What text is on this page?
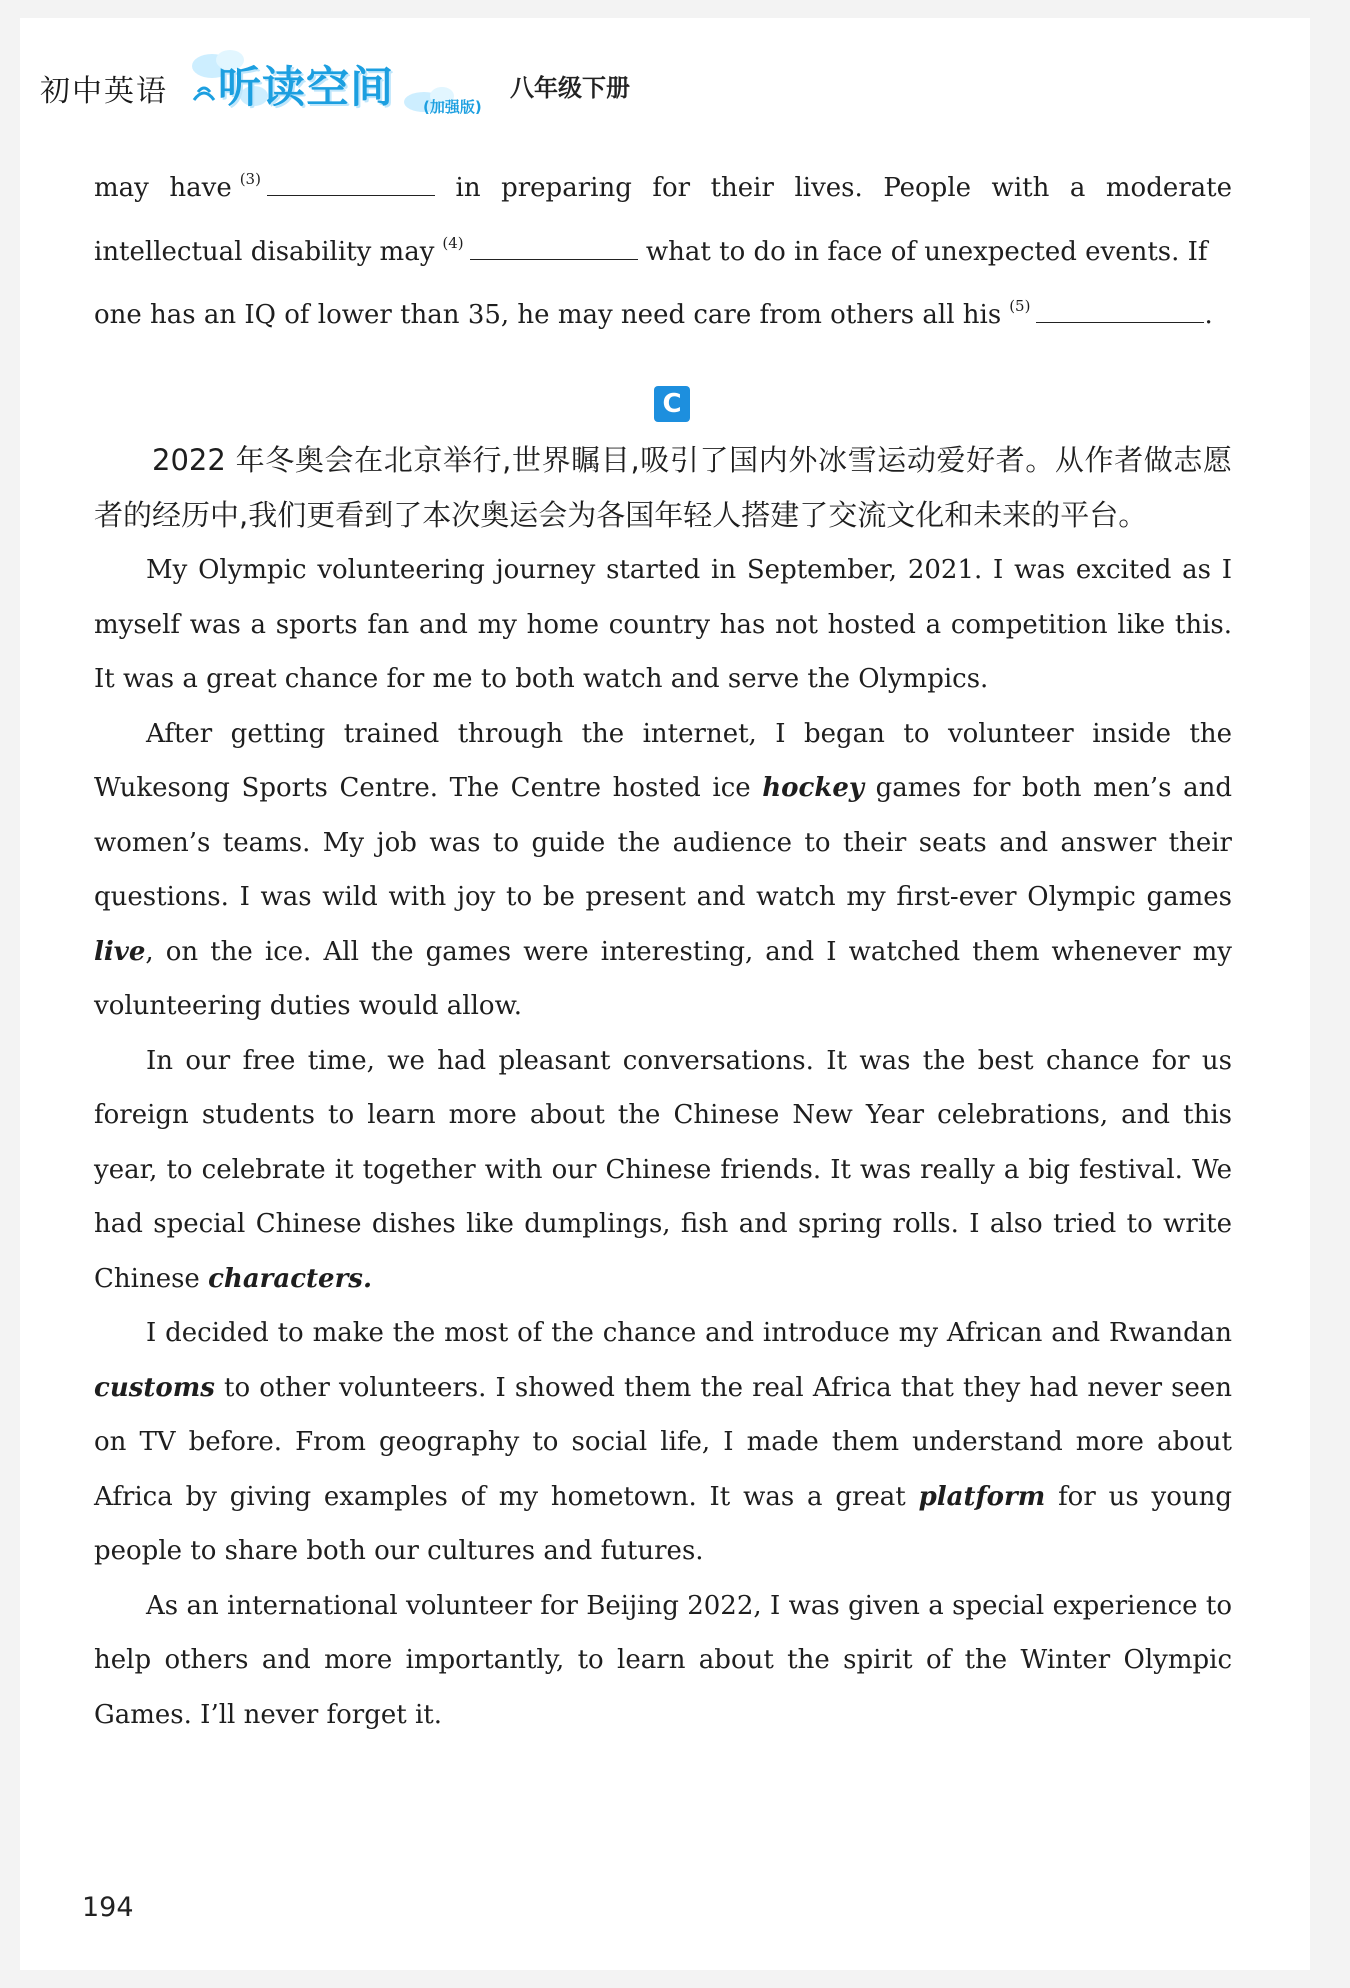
初中英语 听读空间 (加强版)
八年级下册

may have $^{(3)}$	in preparing for their lives. People with a moderate intellectual disability may $^{(4)}$	what to do in face of unexpected events. If

one has an IQ of lower than 35, he may need care from others all his $^{(5)}$	.

C

2022 年冬奥会在北京举行,世界瞩目,吸引了国内外冰雪运动爱好者。从作者做志愿者的经历中,我们更看到了本次奥运会为各国年轻人搭建了交流文化和未来的平台。

My Olympic volunteering journey started in September, 2021. I was excited as I myself was a sports fan and my home country has not hosted a competition like this. It was a great chance for me to both watch and serve the Olympics.

After getting trained through the internet, I began to volunteer inside the Wukesong Sports Centre. The Centre hosted ice hockey games for both men’s and women’s teams. My job was to guide the audience to their seats and answer their questions. I was wild with joy to be present and watch my first-ever Olympic games live, on the ice. All the games were interesting, and I watched them whenever my volunteering duties would allow.

In our free time, we had pleasant conversations. It was the best chance for us foreign students to learn more about the Chinese New Year celebrations, and this year, to celebrate it together with our Chinese friends. It was really a big festival. We had special Chinese dishes like dumplings, fish and spring rolls. I also tried to write Chinese characters.

I decided to make the most of the chance and introduce my African and Rwandan customs to other volunteers. I showed them the real Africa that they had never seen on TV before. From geography to social life, I made them understand more about Africa by giving examples of my hometown. It was a great platform for us young people to share both our cultures and futures.

As an international volunteer for Beijing 2022, I was given a special experience to help others and more importantly, to learn about the spirit of the Winter Olympic Games. I’ll never forget it.

194
